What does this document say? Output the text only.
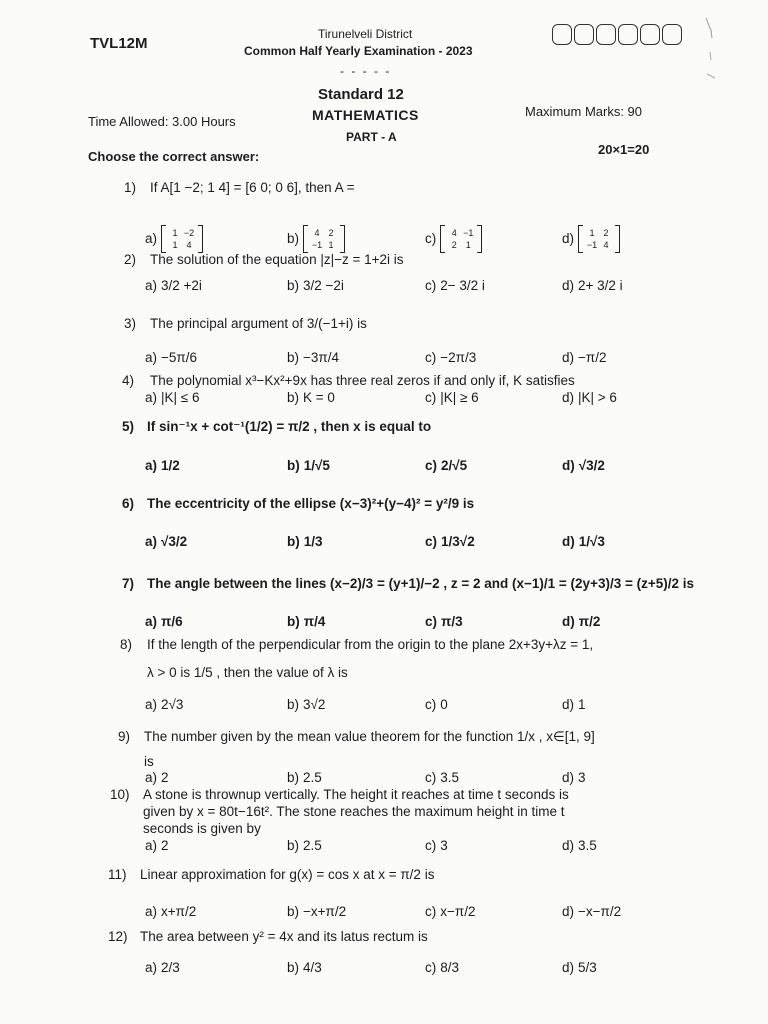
TVL12M
Tirunelveli District
Common Half Yearly Examination - 2023
- - - - -
Standard 12
MATHEMATICS
PART - A
Time Allowed: 3.00 Hours
Maximum Marks: 90
20×1=20
Choose the correct answer:
1) If A[1 −2; 1 4] = [6 0; 0 6], then A =
a)	1 −2
1 4	b)	4 2
−1 1	c)	4 −1
2 1	d)	1 2
−1 4
2) The solution of the equation |z|−z = 1+2i is
a) 3/2 +2i	b) 3/2 −2i	c) 2− 3/2 i	d) 2+ 3/2 i
3) The principal argument of 3/(−1+i) is
a) −5π/6	b) −3π/4	c) −2π/3	d) −π/2
4) The polynomial x³−Kx²+9x has three real zeros if and only if, K satisfies
a) |K| ≤ 6	b) K = 0	c) |K| ≥ 6	d) |K| > 6
5) If sin⁻¹x + cot⁻¹(1/2) = π/2 , then x is equal to
a) 1/2	b) 1/√5	c) 2/√5	d) √3/2
6) The eccentricity of the ellipse (x−3)²+(y−4)² = y²/9 is
a) √3/2	b) 1/3	c) 1/3√2	d) 1/√3
7) The angle between the lines (x−2)/3 = (y+1)/−2 , z = 2 and (x−1)/1 = (2y+3)/3 = (z+5)/2 is
a) π/6	b) π/4	c) π/3	d) π/2
8) If the length of the perpendicular from the origin to the plane 2x+3y+λz = 1,
λ > 0 is 1/5 , then the value of λ is
a) 2√3	b) 3√2	c) 0	d) 1
9) The number given by the mean value theorem for the function 1/x , x∈[1, 9]
is
a) 2	b) 2.5	c) 3.5	d) 3
10) A stone is thrownup vertically. The height it reaches at time t seconds is
given by x = 80t−16t². The stone reaches the maximum height in time t
seconds is given by
a) 2	b) 2.5	c) 3	d) 3.5
11) Linear approximation for g(x) = cos x at x = π/2 is
a) x+π/2	b) −x+π/2	c) x−π/2	d) −x−π/2
12) The area between y² = 4x and its latus rectum is
a) 2/3	b) 4/3	c) 8/3	d) 5/3
